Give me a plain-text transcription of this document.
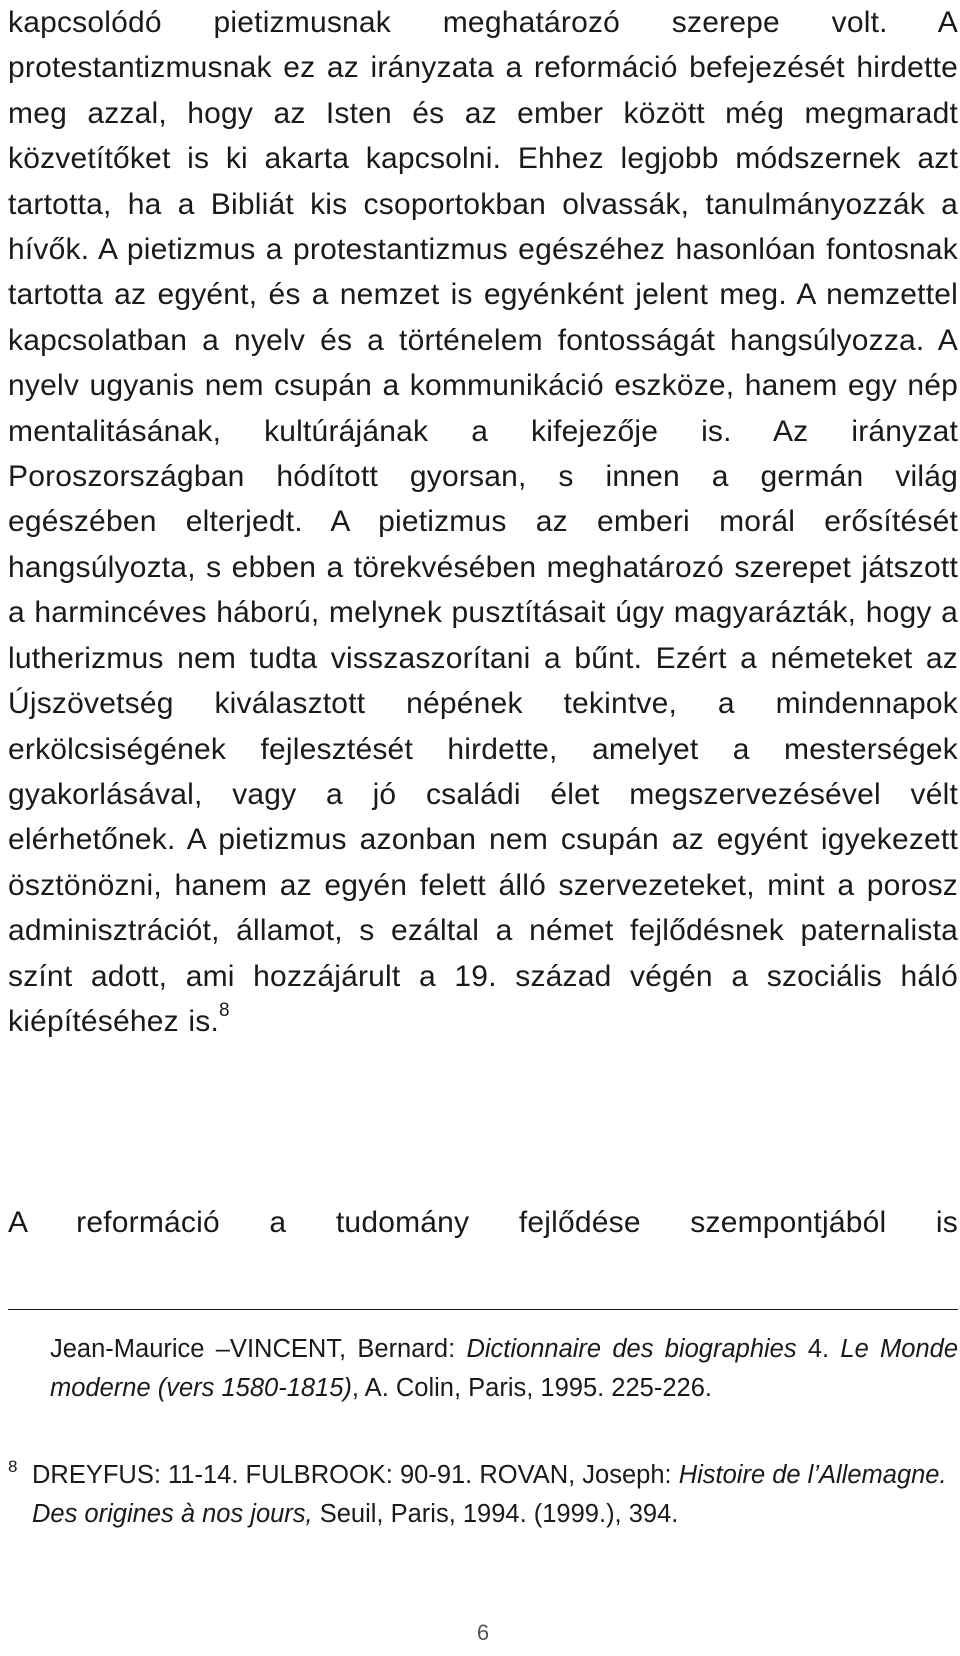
kapcsolódó pietizmusnak meghatározó szerepe volt. A protestantizmusnak ez az irányzata a reformáció befejezését hirdette meg azzal, hogy az Isten és az ember között még megmaradt közvetítőket is ki akarta kapcsolni. Ehhez legjobb módszernek azt tartotta, ha a Bibliát kis csoportokban olvassák, tanulmányozzák a hívők. A pietizmus a protestantizmus egészéhez hasonlóan fontosnak tartotta az egyént, és a nemzet is egyénként jelent meg. A nemzettel kapcsolatban a nyelv és a történelem fontosságát hangsúlyozza. A nyelv ugyanis nem csupán a kommunikáció eszköze, hanem egy nép mentalitásának, kultúrájának a kifejezője is. Az irányzat Poroszországban hódított gyorsan, s innen a germán világ egészében elterjedt. A pietizmus az emberi morál erősítését hangsúlyozta, s ebben a törekvésében meghatározó szerepet játszott a harmincéves háború, melynek pusztításait úgy magyarázták, hogy a lutherizmus nem tudta visszaszorítani a bűnt. Ezért a németeket az Újszövetség kiválasztott népének tekintve, a mindennapok erkölcsiségének fejlesztését hirdette, amelyet a mesterségek gyakorlásával, vagy a jó családi élet megszervezésével vélt elérhetőnek. A pietizmus azonban nem csupán az egyént igyekezett ösztönözni, hanem az egyén felett álló szervezeteket, mint a porosz adminisztrációt, államot, s ezáltal a német fejlődésnek paternalista színt adott, ami hozzájárult a 19. század végén a szociális háló kiépítéséhez is.$^8$

A reformáció a tudomány fejlődése szempontjából is

Jean-Maurice –VINCENT, Bernard: Dictionnaire des biographies 4. Le Monde moderne (vers 1580-1815), A. Colin, Paris, 1995. 225-226.
8 DREYFUS: 11-14. FULBROOK: 90-91. ROVAN, Joseph: Histoire de l’Allemagne. Des origines à nos jours, Seuil, Paris, 1994. (1999.), 394.
6
